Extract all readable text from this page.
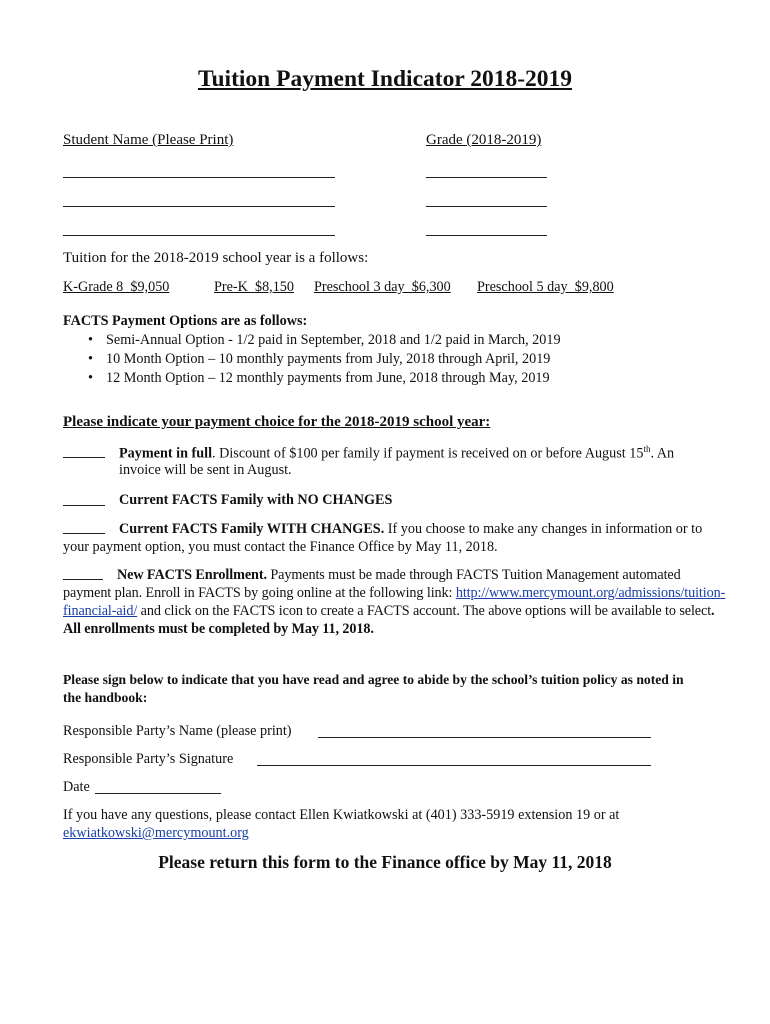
Tuition Payment Indicator 2018-2019
Student Name (Please Print)	Grade (2018-2019)
Tuition for the 2018-2019 school year is a follows:
K-Grade 8  $9,050	Pre-K  $8,150 Preschool 3 day  $6,300 Preschool 5 day  $9,800
FACTS Payment Options are as follows:
• Semi-Annual Option - 1/2 paid in September, 2018 and 1/2 paid in March, 2019
• 10 Month Option – 10 monthly payments from July, 2018 through April, 2019
• 12 Month Option – 12 monthly payments from June, 2018 through May, 2019
Please indicate your payment choice for the 2018-2019 school year:
Payment in full. Discount of $100 per family if payment is received on or before August 15th. An
invoice will be sent in August.
Current FACTS Family with NO CHANGES
Current FACTS Family WITH CHANGES. If you choose to make any changes in information or to your payment option, you must contact the Finance Office by May 11, 2018.
New FACTS Enrollment. Payments must be made through FACTS Tuition Management automated payment plan. Enroll in FACTS by going online at the following link: http://www.mercymount.org/admissions/tuition-financial-aid/ and click on the FACTS icon to create a FACTS account. The above options will be available to select. All enrollments must be completed by May 11, 2018.
Please sign below to indicate that you have read and agree to abide by the school’s tuition policy as noted in the handbook:
Responsible Party’s Name (please print)
Responsible Party’s Signature
Date
If you have any questions, please contact Ellen Kwiatkowski at (401) 333-5919 extension 19 or at
ekwiatkowski@mercymount.org
Please return this form to the Finance office by May 11, 2018
